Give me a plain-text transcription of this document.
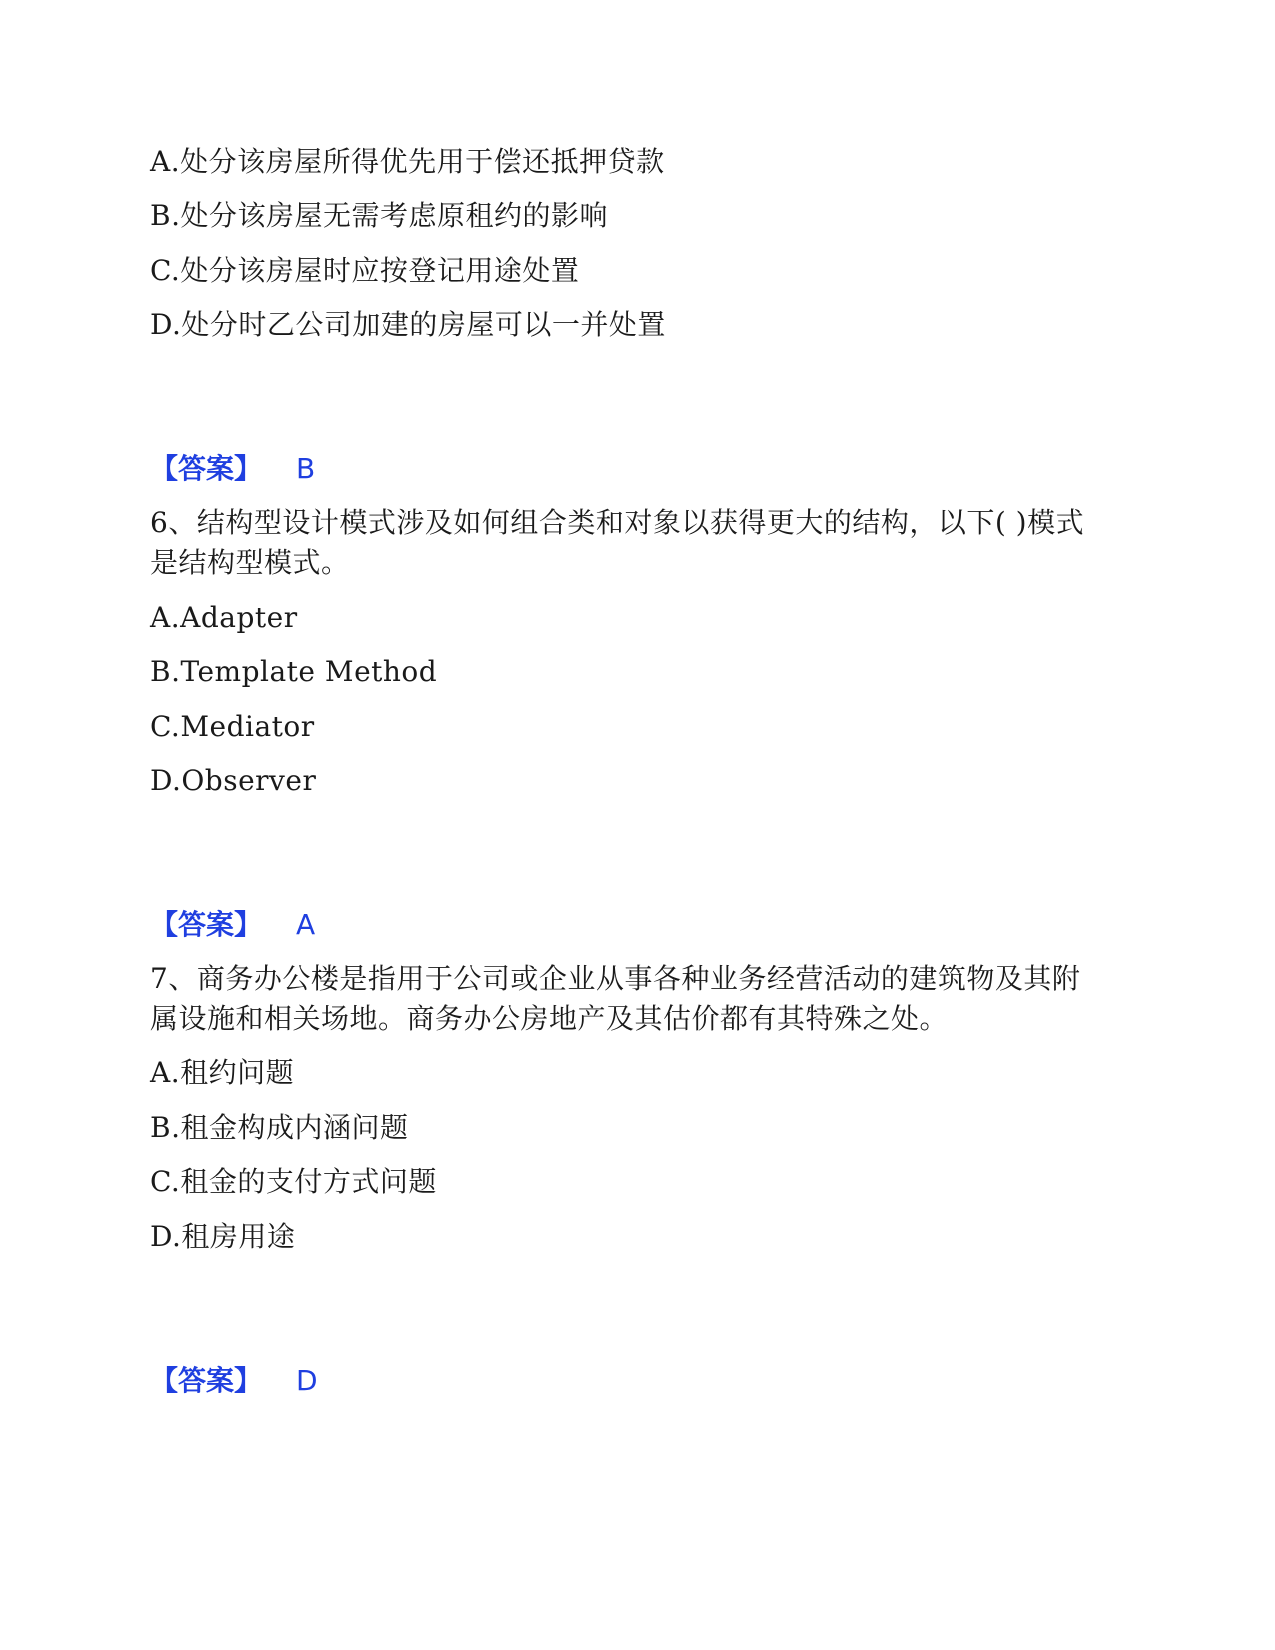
A.处分该房屋所得优先用于偿还抵押贷款
B.处分该房屋无需考虑原租约的影响
C.处分该房屋时应按登记用途处置
D.处分时乙公司加建的房屋可以一并处置
【答案】 B
6、结构型设计模式涉及如何组合类和对象以获得更大的结构，以下( )模式
是结构型模式。
A.Adapter
B.Template Method
C.Mediator
D.Observer
【答案】 A
7、商务办公楼是指用于公司或企业从事各种业务经营活动的建筑物及其附
属设施和相关场地。商务办公房地产及其估价都有其特殊之处。
A.租约问题
B.租金构成内涵问题
C.租金的支付方式问题
D.租房用途
【答案】 D
